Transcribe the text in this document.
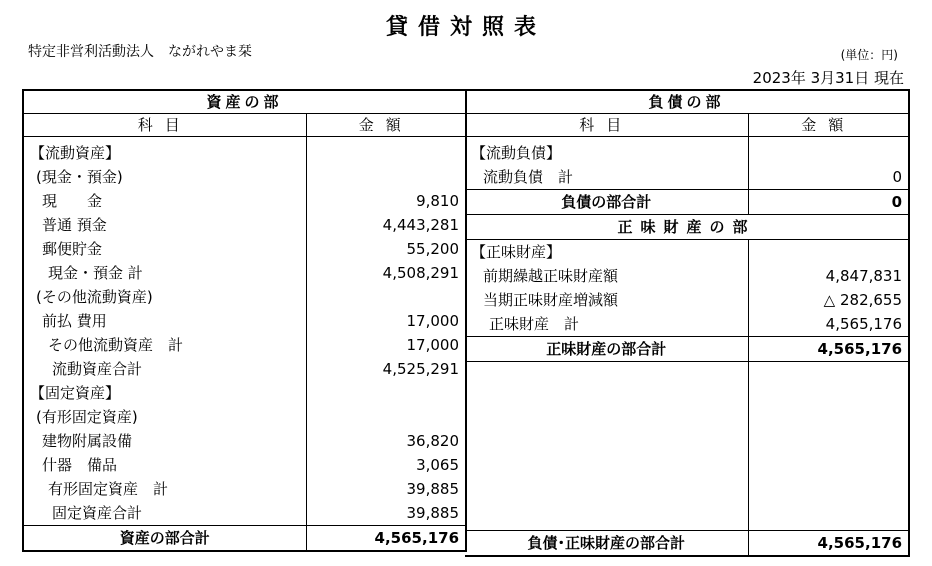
貸借対照表
特定非営利活動法人　ながれやま栞	(単位：円)
2023年 3月31日 現在
資産の部	
科目	金額

【流動資産】	
(現金・預金)	
現　　金	9,810
普通 預金	4,443,281
郵便貯金	55,200
現金・預金 計	4,508,291
(その他流動資産)	
前払 費用	17,000
その他流動資産　計	17,000
流動資産合計	4,525,291
【固定資産】	
(有形固定資産)	
建物附属設備	36,820
什器　備品	3,065
有形固定資産　計	39,885
固定資産合計	39,885
資産の部合計	4,565,176
負債の部	
科目	金額

【流動負債】	
流動負債　計	0
負債の部合計	0
正味財産の部	
【正味財産】	
前期繰越正味財産額	4,847,831
当期正味財産増減額	△ 282,655
正味財産　計	4,565,176
正味財産の部合計	4,565,176

負債･正味財産の部合計	4,565,176
